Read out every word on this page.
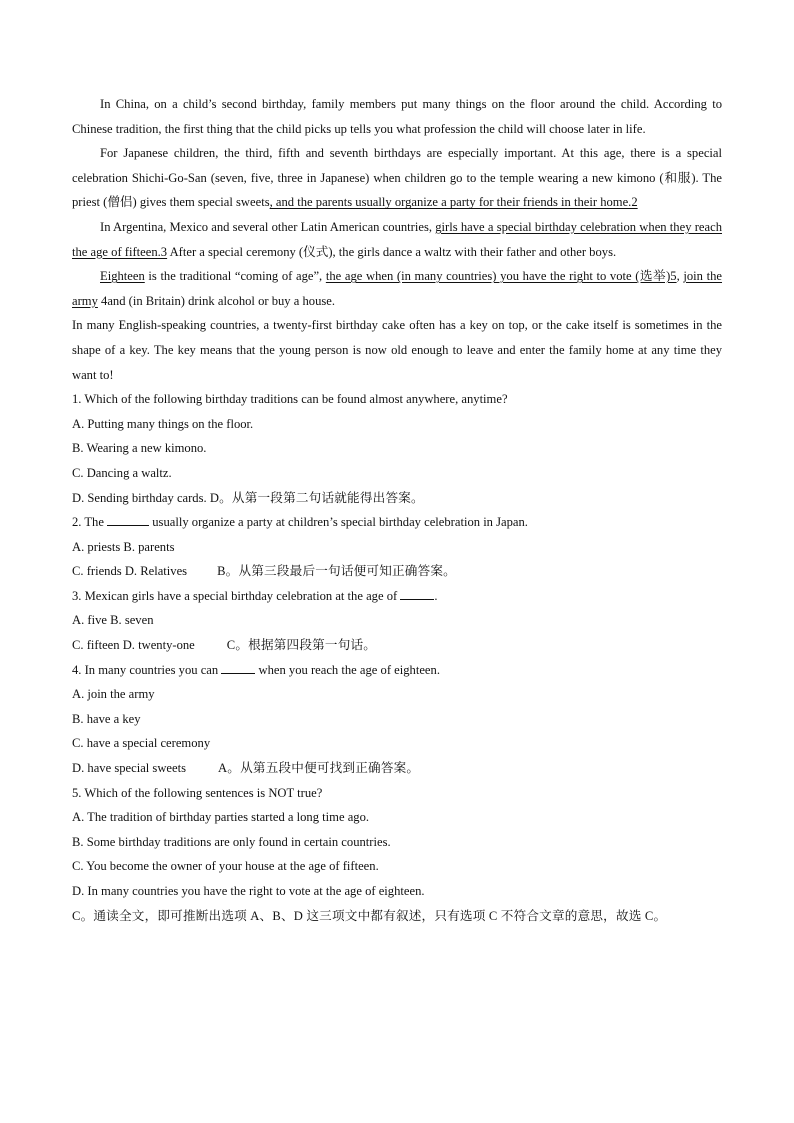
In China, on a child’s second birthday, family members put many things on the floor around the child. According to Chinese tradition, the first thing that the child picks up tells you what profession the child will choose later in life.

For Japanese children, the third, fifth and seventh birthdays are especially important. At this age, there is a special celebration Shichi-Go-San (seven, five, three in Japanese) when children go to the temple wearing a new kimono (和服). The priest (僧侣) gives them special sweets, and the parents usually organize a party for their friends in their home.2

In Argentina, Mexico and several other Latin American countries, girls have a special birthday celebration when they reach the age of fifteen.3 After a special ceremony (仪式), the girls dance a waltz with their father and other boys.

Eighteen is the traditional “coming of age”, the age when (in many countries) you have the right to vote (选举)5, join the army 4and (in Britain) drink alcohol or buy a house.

In many English-speaking countries, a twenty-first birthday cake often has a key on top, or the cake itself is sometimes in the shape of a key. The key means that the young person is now old enough to leave and enter the family home at any time they want to!

1. Which of the following birthday traditions can be found almost anywhere, anytime?

A. Putting many things on the floor.

B. Wearing a new kimono.

C. Dancing a waltz.

D. Sending birthday cards. D。从第一段第二句话就能得出答案。

2. The	usually organize a party at children’s special birthday celebration in Japan.

A. priests B. parents

C. friends D. Relatives B。从第三段最后一句话便可知正确答案。

3. Mexican girls have a special birthday celebration at the age of	.

A. five B. seven

C. fifteen D. twenty-one	C。根据第四段第一句话。

4. In many countries you can	when you reach the age of eighteen.

A. join the army

B. have a key

C. have a special ceremony

D. have special sweets	A。从第五段中便可找到正确答案。

5. Which of the following sentences is NOT true?

A. The tradition of birthday parties started a long time ago.

B. Some birthday traditions are only found in certain countries.

C. You become the owner of your house at the age of fifteen.

D. In many countries you have the right to vote at the age of eighteen.

C。通读全文，即可推断出选项 A、B、D 这三项文中都有叙述，只有选项 C 不符合文章的意思，故选 C。
